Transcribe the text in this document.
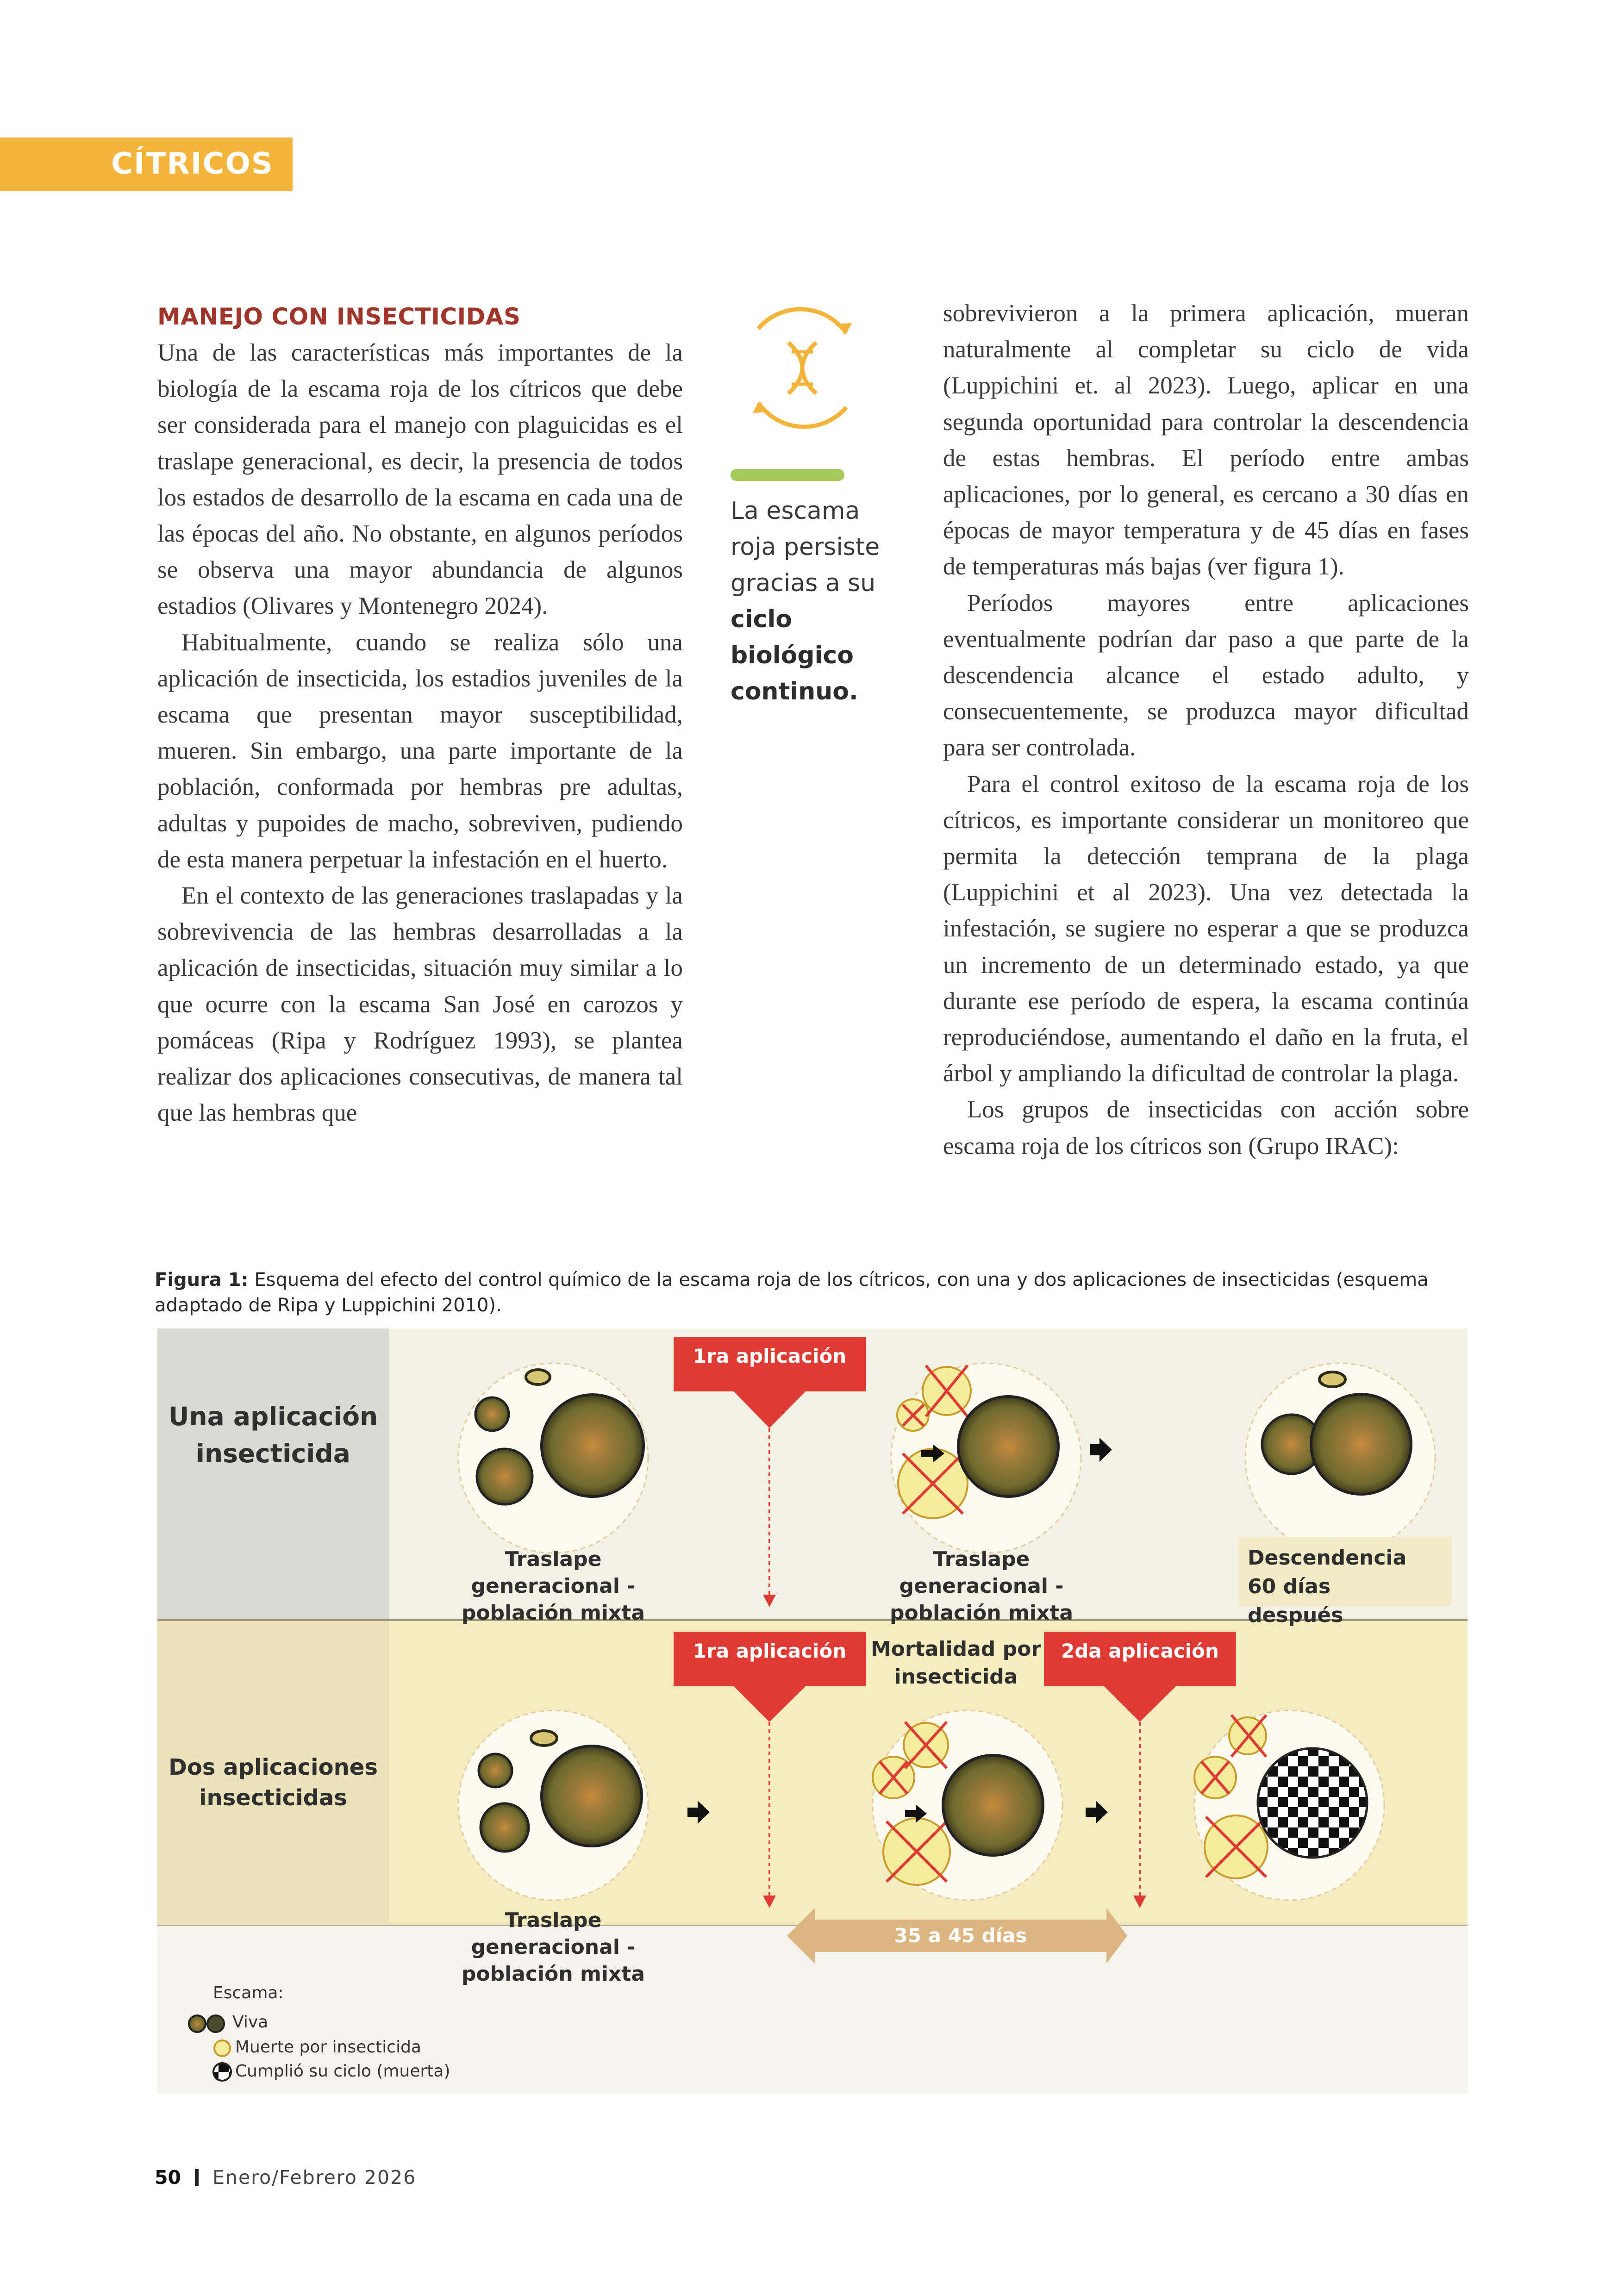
CÍTRICOS
MANEJO CON INSECTICIDAS

Una de las características más importantes de la biología de la escama roja de los cítricos que debe ser considerada para el manejo con plaguicidas es el traslape generacional, es decir, la presencia de todos los estados de desarrollo de la escama en cada una de las épocas del año. No obstante, en algunos períodos se observa una mayor abundancia de algunos estadios (Olivares y Montenegro 2024).

Habitualmente, cuando se realiza sólo una aplicación de insecticida, los estadios juveniles de la escama que presentan mayor susceptibilidad, mueren. Sin embargo, una parte importante de la población, conformada por hembras pre adultas, adultas y pupoides de macho, sobreviven, pudiendo de esta manera perpetuar la infestación en el huerto.

En el contexto de las generaciones traslapadas y la sobrevivencia de las hembras desarrolladas a la aplicación de insecticidas, situación muy similar a lo que ocurre con la escama San José en carozos y pomáceas (Ripa y Rodríguez 1993), se plantea realizar dos aplicaciones consecutivas, de manera tal que las hembras que

La escama roja persiste gracias a su ciclo biológico continuo.

sobrevivieron a la primera aplicación, mueran naturalmente al completar su ciclo de vida (Luppichini et. al 2023). Luego, aplicar en una segunda oportunidad para controlar la descendencia de estas hembras. El período entre ambas aplicaciones, por lo general, es cercano a 30 días en épocas de mayor temperatura y de 45 días en fases de temperaturas más bajas (ver figura 1).

Períodos mayores entre aplicaciones eventualmente podrían dar paso a que parte de la descendencia alcance el estado adulto, y consecuentemente, se produzca mayor dificultad para ser controlada.

Para el control exitoso de la escama roja de los cítricos, es importante considerar un monitoreo que permita la detección temprana de la plaga (Luppichini et al 2023). Una vez detectada la infestación, se sugiere no esperar a que se produzca un incremento de un determinado estado, ya que durante ese período de espera, la escama continúa reproduciéndose, aumentando el daño en la fruta, el árbol y ampliando la dificultad de controlar la plaga.

Los grupos de insecticidas con acción sobre escama roja de los cítricos son (Grupo IRAC):

Figura 1: Esquema del efecto del control químico de la escama roja de los cítricos, con una y dos aplicaciones de insecticidas (esquema adaptado de Ripa y Luppichini 2010).
Una aplicación insecticida
1ra aplicación
Traslape generacional - población mixta
Traslape generacional - población mixta
Descendencia 60 días después
Dos aplicaciones insecticidas
1ra aplicación	Mortalidad por insecticida
2da aplicación
Traslape generacional - población mixta
35 a 45 días
Escama:
Viva
Muerte por insecticida
Cumplió su ciclo (muerta)
50 Enero/Febrero 2026
